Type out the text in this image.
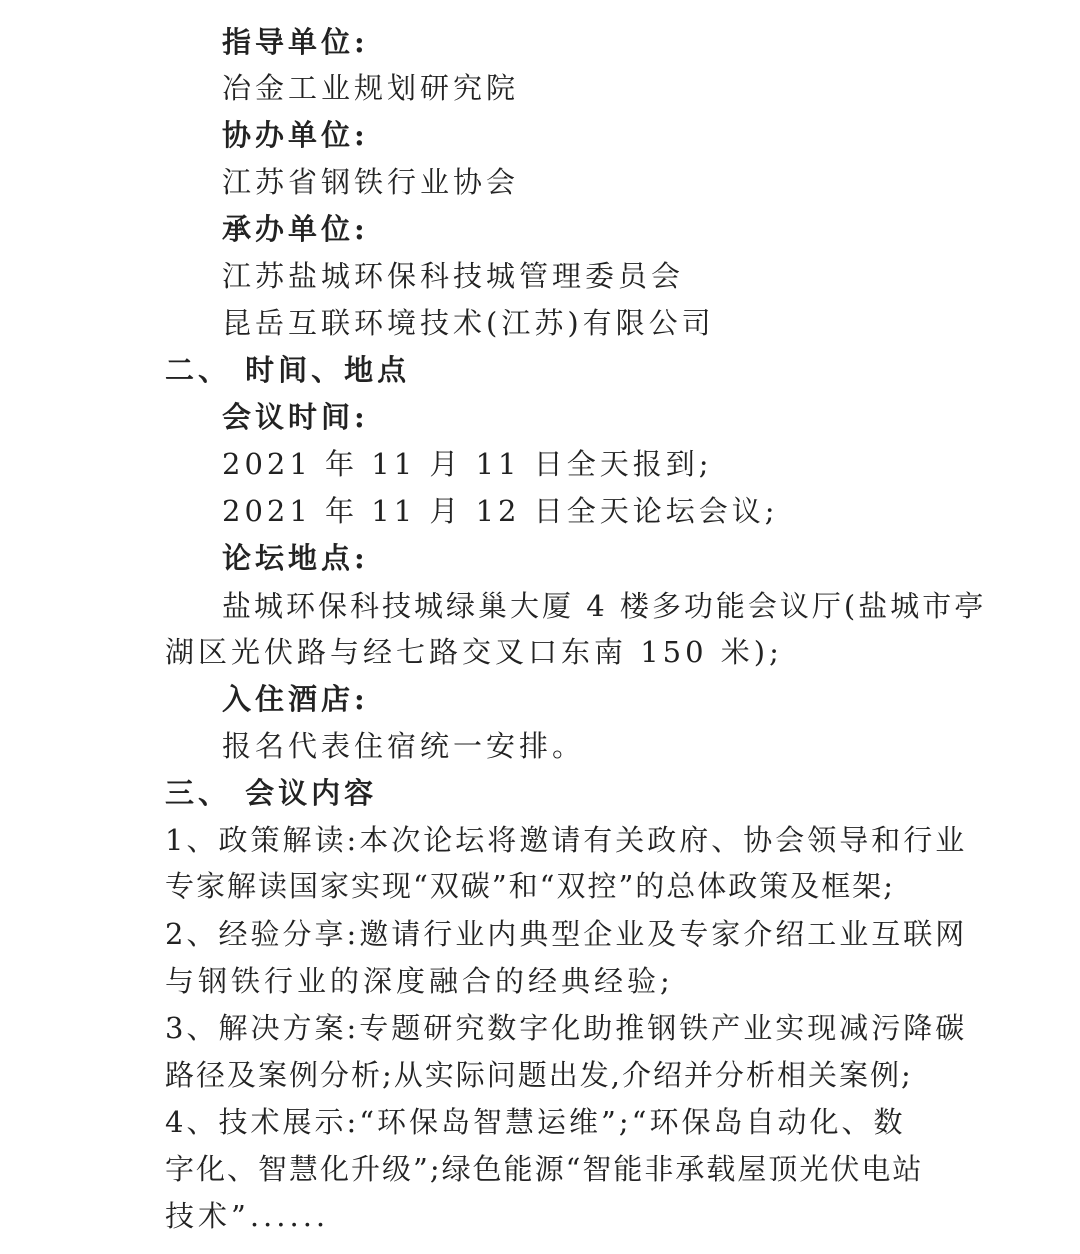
指导单位:
冶金工业规划研究院
协办单位:
江苏省钢铁行业协会
承办单位:
江苏盐城环保科技城管理委员会
昆岳互联环境技术(江苏)有限公司
二、 时间、地点
会议时间:
2021 年 11 月 11 日全天报到;
2021 年 11 月 12 日全天论坛会议;
论坛地点:
盐城环保科技城绿巢大厦 4 楼多功能会议厅(盐城市亭
湖区光伏路与经七路交叉口东南 150 米);
入住酒店:
报名代表住宿统一安排。
三、 会议内容
1、政策解读:本次论坛将邀请有关政府、协会领导和行业
专家解读国家实现“双碳”和“双控”的总体政策及框架;
2、经验分享:邀请行业内典型企业及专家介绍工业互联网
与钢铁行业的深度融合的经典经验;
3、解决方案:专题研究数字化助推钢铁产业实现减污降碳
路径及案例分析;从实际问题出发,介绍并分析相关案例;
4、技术展示:“环保岛智慧运维”;“环保岛自动化、数
字化、智慧化升级”;绿色能源“智能非承载屋顶光伏电站
技术”......
